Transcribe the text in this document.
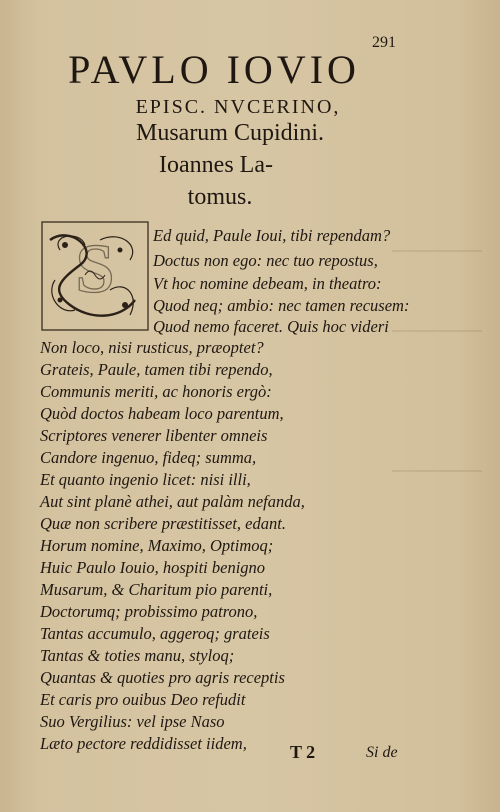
291
PAVLO IOVIO
EPISC. NVCERINO,
Musarum Cupidini.
Ioannes La-
tomus.
S Ed quid, Paule Ioui, tibi rependam?
Doctus non ego: nec tuo repostus,
Vt hoc nomine debeam, in theatro:
Quod neq; ambio: nec tamen recusem:
Quod nemo faceret. Quis hoc videri
Non loco, nisi rusticus, præoptet?
Grateis, Paule, tamen tibi rependo,
Communis meriti, ac honoris ergò:
Quòd doctos habeam loco parentum,
Scriptores venerer libenter omneis
Candore ingenuo, fideq; summa,
Et quanto ingenio licet: nisi illi,
Aut sint planè athei, aut palàm nefanda,
Quæ non scribere præstitisset, edant.
Horum nomine, Maximo, Optimoq;
Huic Paulo Iouio, hospiti benigno
Musarum, & Charitum pio parenti,
Doctorumq; probissimo patrono,
Tantas accumulo, aggeroq; grateis
Tantas & toties manu, styloq;
Quantas & quoties pro agris receptis
Et caris pro ouibus Deo refudit
Suo Vergilius: vel ipse Naso
Læto pectore reddidisset iidem, T 2	Si de
